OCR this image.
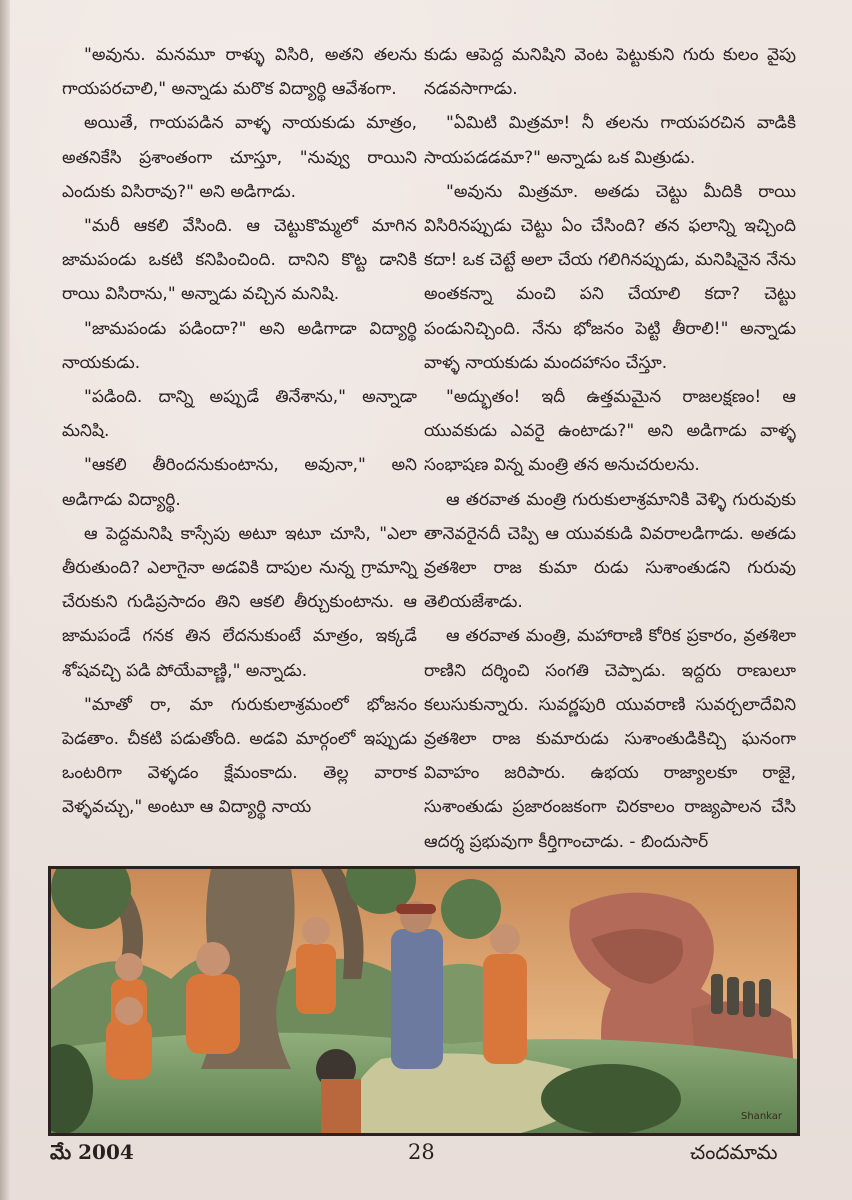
"అవును. మనమూ రాళ్ళు విసిరి, అతని తలను గాయపరచాలి," అన్నాడు మరొక విద్యార్థి ఆవేశంగా.

అయితే, గాయపడిన వాళ్ళ నాయకుడు మాత్రం, అతనికేసి ప్రశాంతంగా చూస్తూ, "నువ్వు రాయిని ఎందుకు విసిరావు?" అని అడిగాడు.

"మరీ ఆకలి వేసింది. ఆ చెట్టుకొమ్మలో మాగిన జామపండు ఒకటి కనిపించింది. దానిని కొట్ట డానికి రాయి విసిరాను," అన్నాడు వచ్చిన మనిషి.

"జామపండు పడిందా?" అని అడిగాడా విద్యార్థి నాయకుడు.

"పడింది. దాన్ని అప్పుడే తినేశాను," అన్నాడా మనిషి.

"ఆకలి తీరిందనుకుంటాను, అవునా," అని అడిగాడు విద్యార్థి.

ఆ పెద్దమనిషి కాస్సేపు అటూ ఇటూ చూసి, "ఎలా తీరుతుంది? ఎలాగైనా అడవికి దాపుల నున్న గ్రామాన్ని చేరుకుని గుడిప్రసాదం తిని ఆకలి తీర్చుకుంటాను. ఆ జామపండే గనక తిన లేదనుకుంటే మాత్రం, ఇక్కడే శోషవచ్చి పడి పోయేవాణ్ణి," అన్నాడు.

"మాతో రా, మా గురుకులాశ్రమంలో భోజనం పెడతాం. చీకటి పడుతోంది. అడవి మార్గంలో ఇప్పుడు ఒంటరిగా వెళ్ళడం క్షేమంకాదు. తెల్ల వారాక వెళ్ళవచ్చు," అంటూ ఆ విద్యార్థి నాయ

కుడు ఆపెద్ద మనిషిని వెంట పెట్టుకుని గురు కులం వైపు నడవసాగాడు.

"ఏమిటి మిత్రమా! నీ తలను గాయపరచిన వాడికి సాయపడడమా?" అన్నాడు ఒక మిత్రుడు.

"అవును మిత్రమా. అతడు చెట్టు మీదికి రాయి విసిరినప్పుడు చెట్టు ఏం చేసింది? తన ఫలాన్ని ఇచ్చింది కదా! ఒక చెట్టే అలా చేయ గలిగినప్పుడు, మనిషినైన నేను అంతకన్నా మంచి పని చేయాలి కదా? చెట్టు పండునిచ్చింది. నేను భోజనం పెట్టి తీరాలి!" అన్నాడు వాళ్ళ నాయకుడు మందహాసం చేస్తూ.

"అద్భుతం! ఇదీ ఉత్తమమైన రాజలక్షణం! ఆ యువకుడు ఎవరై ఉంటాడు?" అని అడిగాడు వాళ్ళ సంభాషణ విన్న మంత్రి తన అనుచరులను.

ఆ తరవాత మంత్రి గురుకులాశ్రమానికి వెళ్ళి గురువుకు తానెవరైనదీ చెప్పి ఆ యువకుడి వివరాలడిగాడు. అతడు వ్రతశిలా రాజ కుమా రుడు సుశాంతుడని గురువు తెలియజేశాడు.

ఆ తరవాత మంత్రి, మహారాణి కోరిక ప్రకారం, వ్రతశిలా రాణిని దర్శించి సంగతి చెప్పాడు. ఇద్దరు రాణులూ కలుసుకున్నారు. సువర్ణపురి యువరాణి సువర్చలాదేవిని వ్రతశిలా రాజ కుమారుడు సుశాంతుడికిచ్చి ఘనంగా వివాహం జరిపారు. ఉభయ రాజ్యాలకూ రాజై, సుశాంతుడు ప్రజారంజకంగా చిరకాలం రాజ్యపాలన చేసి ఆదర్శ ప్రభువుగా కీర్తిగాంచాడు. - బిందుసార్

Shankar
మే 2004	28	చందమామ
